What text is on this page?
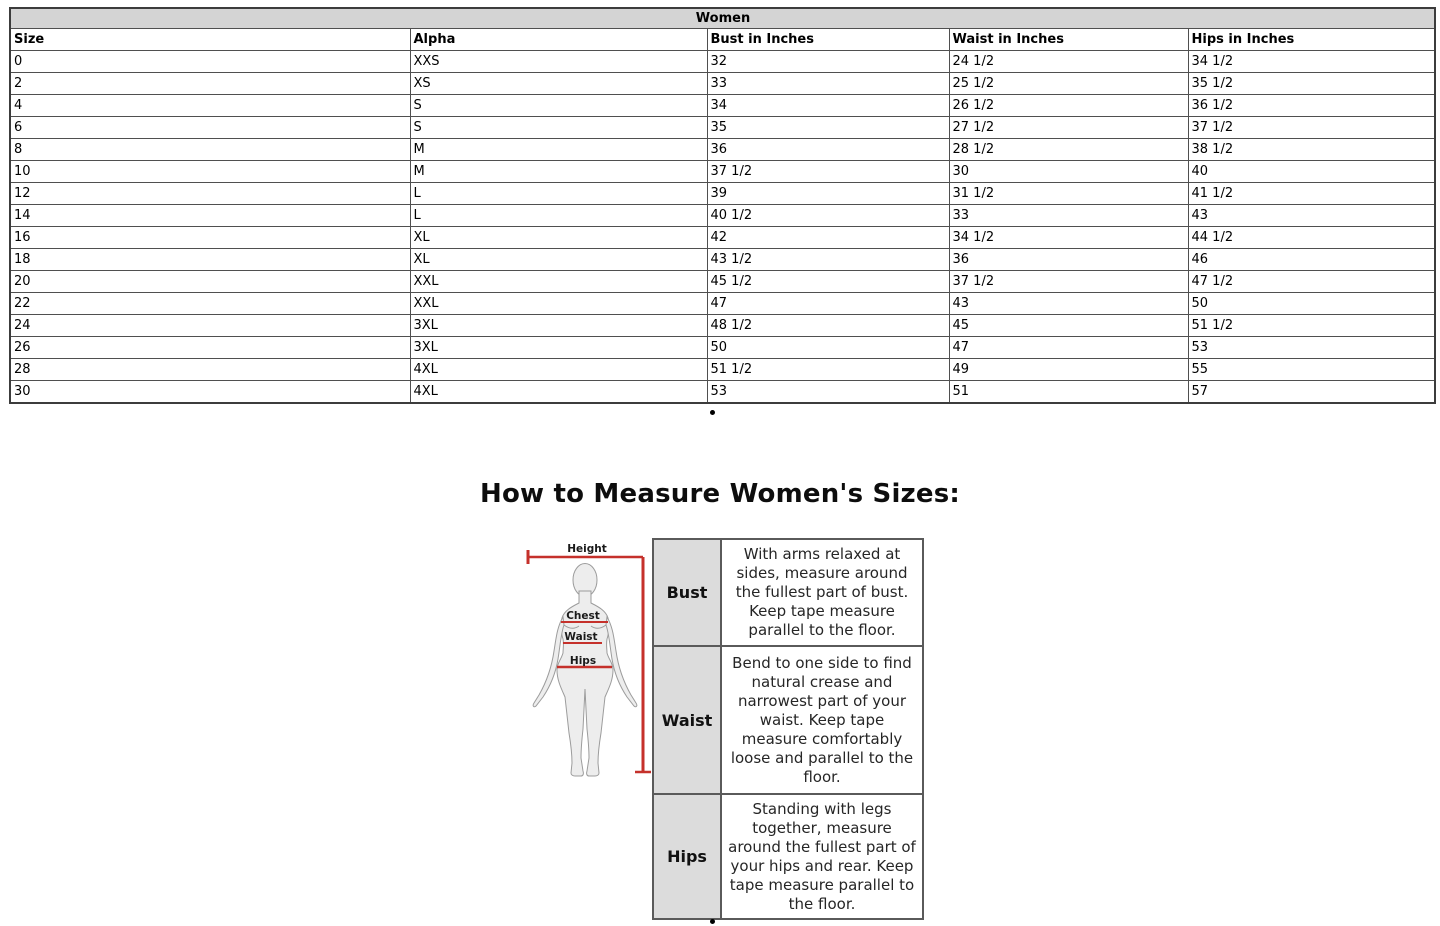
Women				
Size	Alpha	Bust in Inches	Waist in Inches	Hips in Inches
0	XXS	32	24 1/2	34 1/2
2	XS	33	25 1/2	35 1/2
4	S	34	26 1/2	36 1/2
6	S	35	27 1/2	37 1/2
8	M	36	28 1/2	38 1/2
10	M	37 1/2	30	40
12	L	39	31 1/2	41 1/2
14	L	40 1/2	33	43
16	XL	42	34 1/2	44 1/2
18	XL	43 1/2	36	46
20	XXL	45 1/2	37 1/2	47 1/2
22	XXL	47	43	50
24	3XL	48 1/2	45	51 1/2
26	3XL	50	47	53
28	4XL	51 1/2	49	55
30	4XL	53	51	57
How to Measure Women's Sizes:
Height
Chest
Waist
Hips
Bust	With arms relaxed at sides, measure around the fullest part of bust. Keep tape measure parallel to the floor.
Waist	Bend to one side to find natural crease and narrowest part of your waist. Keep tape measure comfortably loose and parallel to the floor.
Hips	Standing with legs together, measure around the fullest part of your hips and rear. Keep tape measure parallel to the floor.
